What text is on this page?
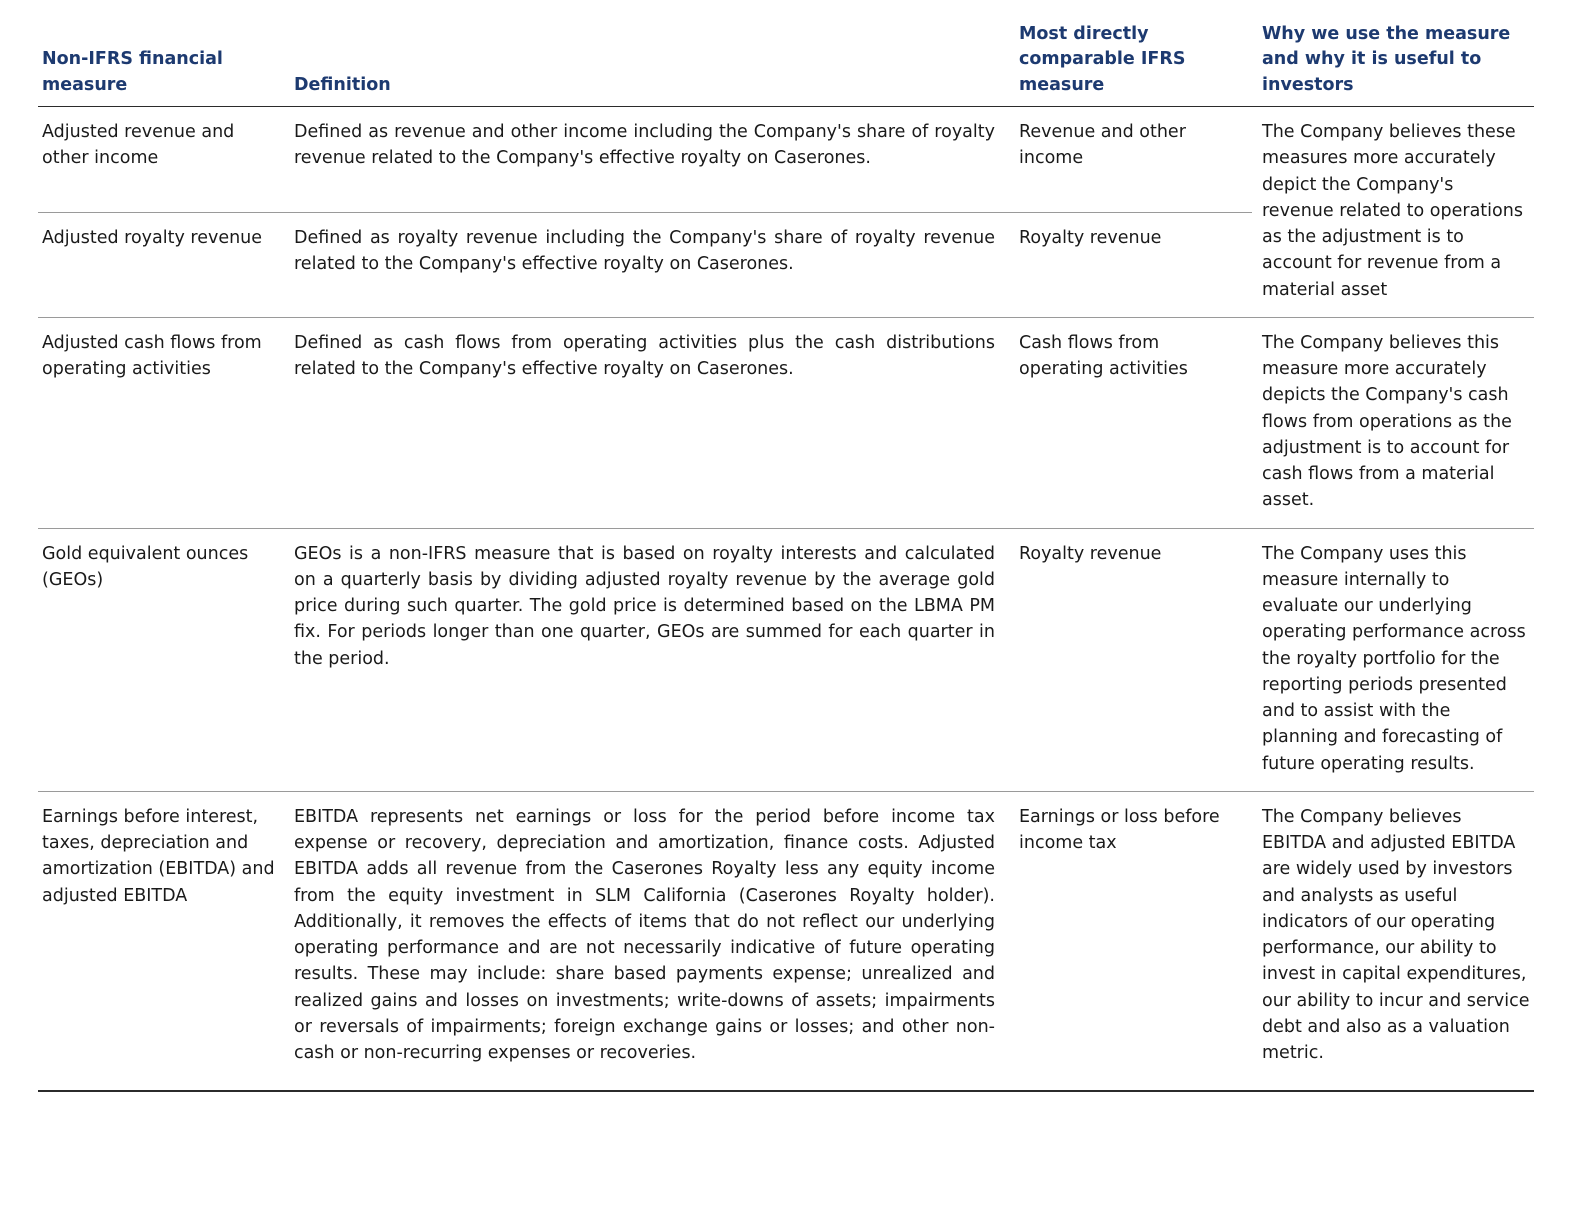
Non-IFRS financial measure	Definition	Most directly comparable IFRS measure	Why we use the measure and why it is useful to investors
Adjusted revenue and other income	Defined as revenue and other income including the Company's share of royalty revenue related to the Company's effective royalty on Caserones.	Revenue and other income	The Company believes these measures more accurately depict the Company's revenue related to operations as the adjustment is to account for revenue from a material asset
Adjusted royalty revenue	Defined as royalty revenue including the Company's share of royalty revenue related to the Company's effective royalty on Caserones.	Royalty revenue	
Adjusted cash flows from operating activities	Defined as cash flows from operating activities plus the cash distributions related to the Company's effective royalty on Caserones.	Cash flows from operating activities	The Company believes this measure more accurately depicts the Company's cash flows from operations as the adjustment is to account for cash flows from a material asset.
Gold equivalent ounces (GEOs)	GEOs is a non-IFRS measure that is based on royalty interests and calculated on a quarterly basis by dividing adjusted royalty revenue by the average gold price during such quarter. The gold price is determined based on the LBMA PM fix. For periods longer than one quarter, GEOs are summed for each quarter in the period.	Royalty revenue	The Company uses this measure internally to evaluate our underlying operating performance across the royalty portfolio for the reporting periods presented and to assist with the planning and forecasting of future operating results.
Earnings before interest, taxes, depreciation and amortization (EBITDA) and adjusted EBITDA	EBITDA represents net earnings or loss for the period before income tax expense or recovery, depreciation and amortization, finance costs. Adjusted EBITDA adds all revenue from the Caserones Royalty less any equity income from the equity investment in SLM California (Caserones Royalty holder). Additionally, it removes the effects of items that do not reflect our underlying operating performance and are not necessarily indicative of future operating results. These may include: share based payments expense; unrealized and realized gains and losses on investments; write-downs of assets; impairments or reversals of impairments; foreign exchange gains or losses; and other non-cash or non-recurring expenses or recoveries.	Earnings or loss before income tax	The Company believes EBITDA and adjusted EBITDA are widely used by investors and analysts as useful indicators of our operating performance, our ability to invest in capital expenditures, our ability to incur and service debt and also as a valuation metric.
